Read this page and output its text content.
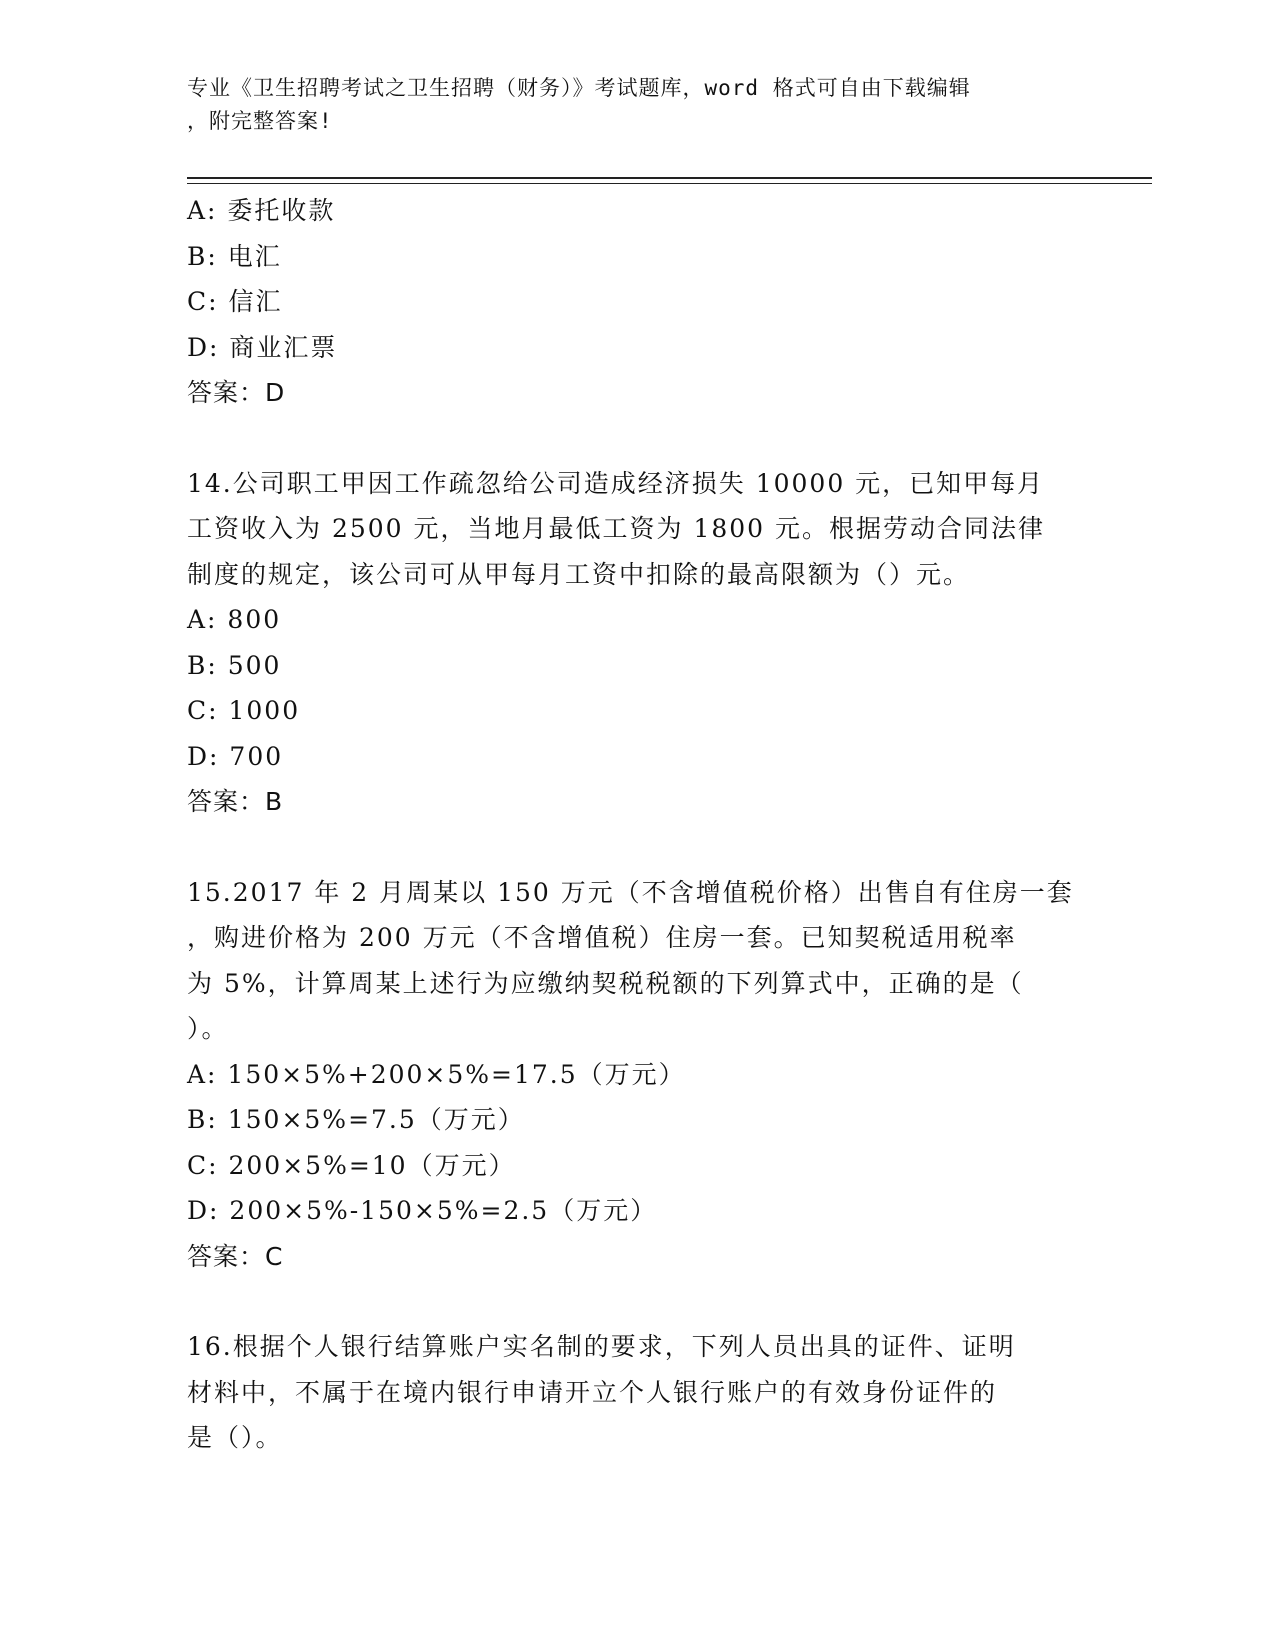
专业《卫生招聘考试之卫生招聘（财务）》考试题库，word 格式可自由下载编辑
，附完整答案!
A: 委托收款
B: 电汇
C: 信汇
D: 商业汇票
答案：D
14.公司职工甲因工作疏忽给公司造成经济损失 10000 元，已知甲每月
工资收入为 2500 元，当地月最低工资为 1800 元。根据劳动合同法律
制度的规定，该公司可从甲每月工资中扣除的最高限额为（）元。
A: 800
B: 500
C: 1000
D: 700
答案：B
15.2017 年 2 月周某以 150 万元（不含增值税价格）出售自有住房一套
，购进价格为 200 万元（不含增值税）住房一套。已知契税适用税率
为 5%，计算周某上述行为应缴纳契税税额的下列算式中，正确的是（
）。
A: 150×5%+200×5%=17.5（万元）
B: 150×5%=7.5（万元）
C: 200×5%=10（万元）
D: 200×5%-150×5%=2.5（万元）
答案：C
16.根据个人银行结算账户实名制的要求，下列人员出具的证件、证明
材料中，不属于在境内银行申请开立个人银行账户的有效身份证件的
是（）。
